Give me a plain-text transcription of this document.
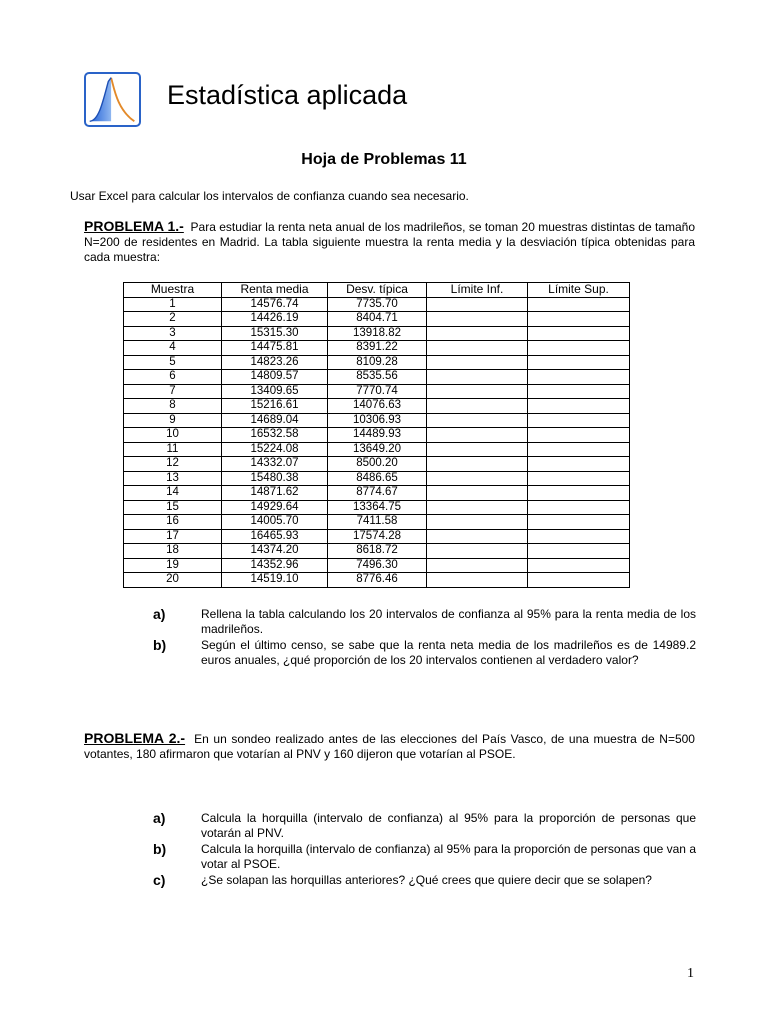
Estadística aplicada
Hoja de Problemas 11
Usar Excel para calcular los intervalos de confianza cuando sea necesario.
PROBLEMA 1.- Para estudiar la renta neta anual de los madrileños, se toman 20 muestras distintas de tamaño N=200 de residentes en Madrid. La tabla siguiente muestra la renta media y la desviación típica obtenidas para cada muestra:
Muestra	Renta media	Desv. típica	Límite Inf.	Límite Sup.
1	14576.74	7735.70		
2	14426.19	8404.71		
3	15315.30	13918.82		
4	14475.81	8391.22		
5	14823.26	8109.28		
6	14809.57	8535.56		
7	13409.65	7770.74		
8	15216.61	14076.63		
9	14689.04	10306.93		
10	16532.58	14489.93		
11	15224.08	13649.20		
12	14332.07	8500.20		
13	15480.38	8486.65		
14	14871.62	8774.67		
15	14929.64	13364.75		
16	14005.70	7411.58		
17	16465.93	17574.28		
18	14374.20	8618.72		
19	14352.96	7496.30		
20	14519.10	8776.46		
a)	Rellena la tabla calculando los 20 intervalos de confianza al 95% para la renta media de los madrileños.
b)	Según el último censo, se sabe que la renta neta media de los madrileños es de 14989.2 euros anuales, ¿qué proporción de los 20 intervalos contienen al verdadero valor?
PROBLEMA 2.- En un sondeo realizado antes de las elecciones del País Vasco, de una muestra de N=500 votantes, 180 afirmaron que votarían al PNV y 160 dijeron que votarían al PSOE.
a)	Calcula la horquilla (intervalo de confianza) al 95% para la proporción de personas que votarán al PNV.
b)	Calcula la horquilla (intervalo de confianza) al 95% para la proporción de personas que van a votar al PSOE.
c)	¿Se solapan las horquillas anteriores? ¿Qué crees que quiere decir que se solapen?
1
